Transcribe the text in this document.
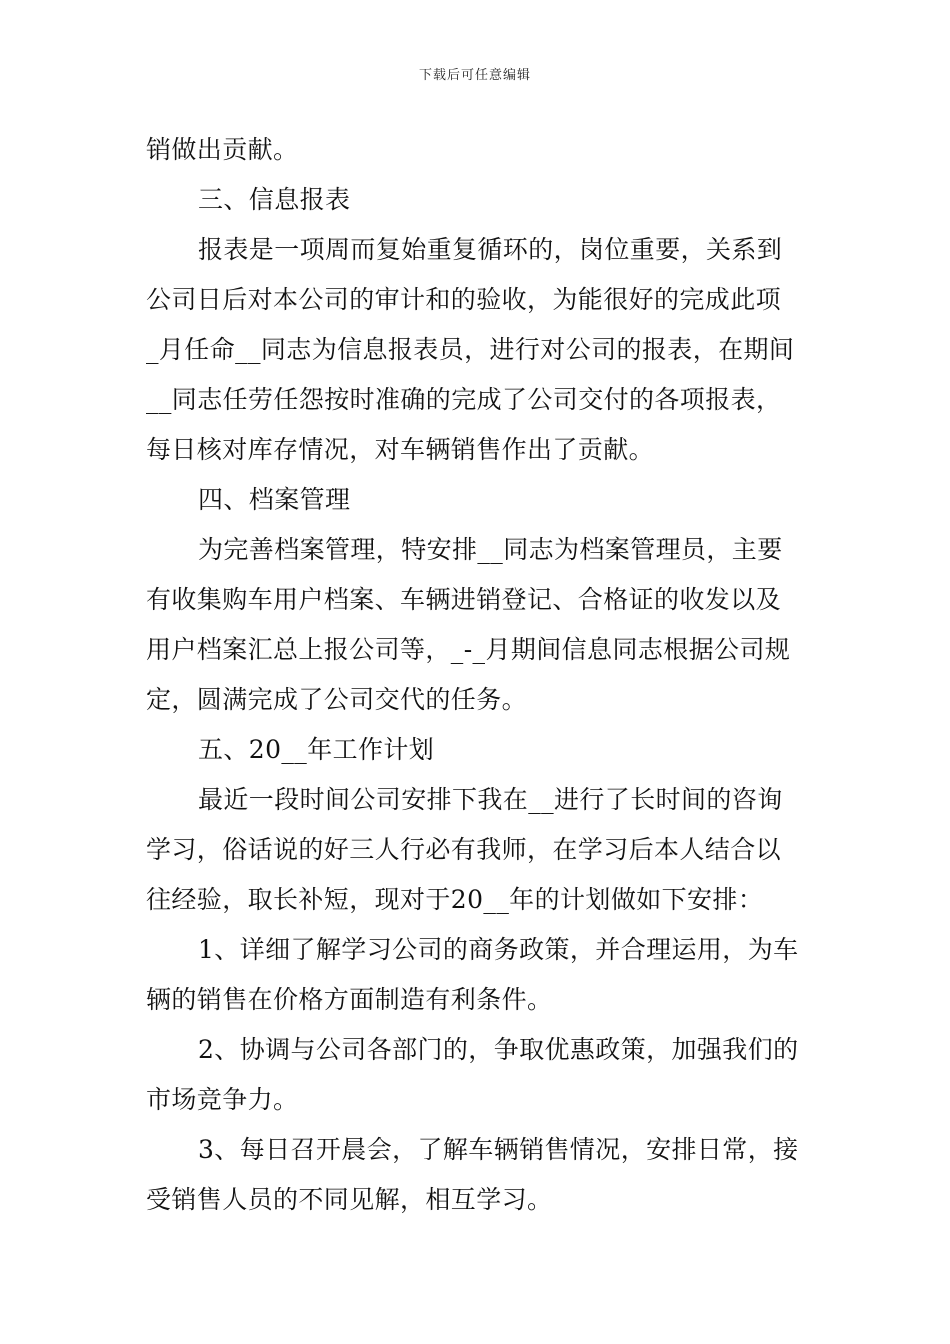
下载后可任意编辑
销做出贡献。
三、信息报表
报表是一项周而复始重复循环的，岗位重要，关系到
公司日后对本公司的审计和的验收，为能很好的完成此项
_月任命__同志为信息报表员，进行对公司的报表，在期间
__同志任劳任怨按时准确的完成了公司交付的各项报表，
每日核对库存情况，对车辆销售作出了贡献。
四、档案管理
为完善档案管理，特安排__同志为档案管理员，主要
有收集购车用户档案、车辆进销登记、合格证的收发以及
用户档案汇总上报公司等，_-_月期间信息同志根据公司规
定，圆满完成了公司交代的任务。
五、20__年工作计划
最近一段时间公司安排下我在__进行了长时间的咨询
学习，俗话说的好三人行必有我师，在学习后本人结合以
往经验，取长补短，现对于20__年的计划做如下安排：
1、详细了解学习公司的商务政策，并合理运用，为车
辆的销售在价格方面制造有利条件。
2、协调与公司各部门的，争取优惠政策，加强我们的
市场竞争力。
3、每日召开晨会，了解车辆销售情况，安排日常，接
受销售人员的不同见解，相互学习。
